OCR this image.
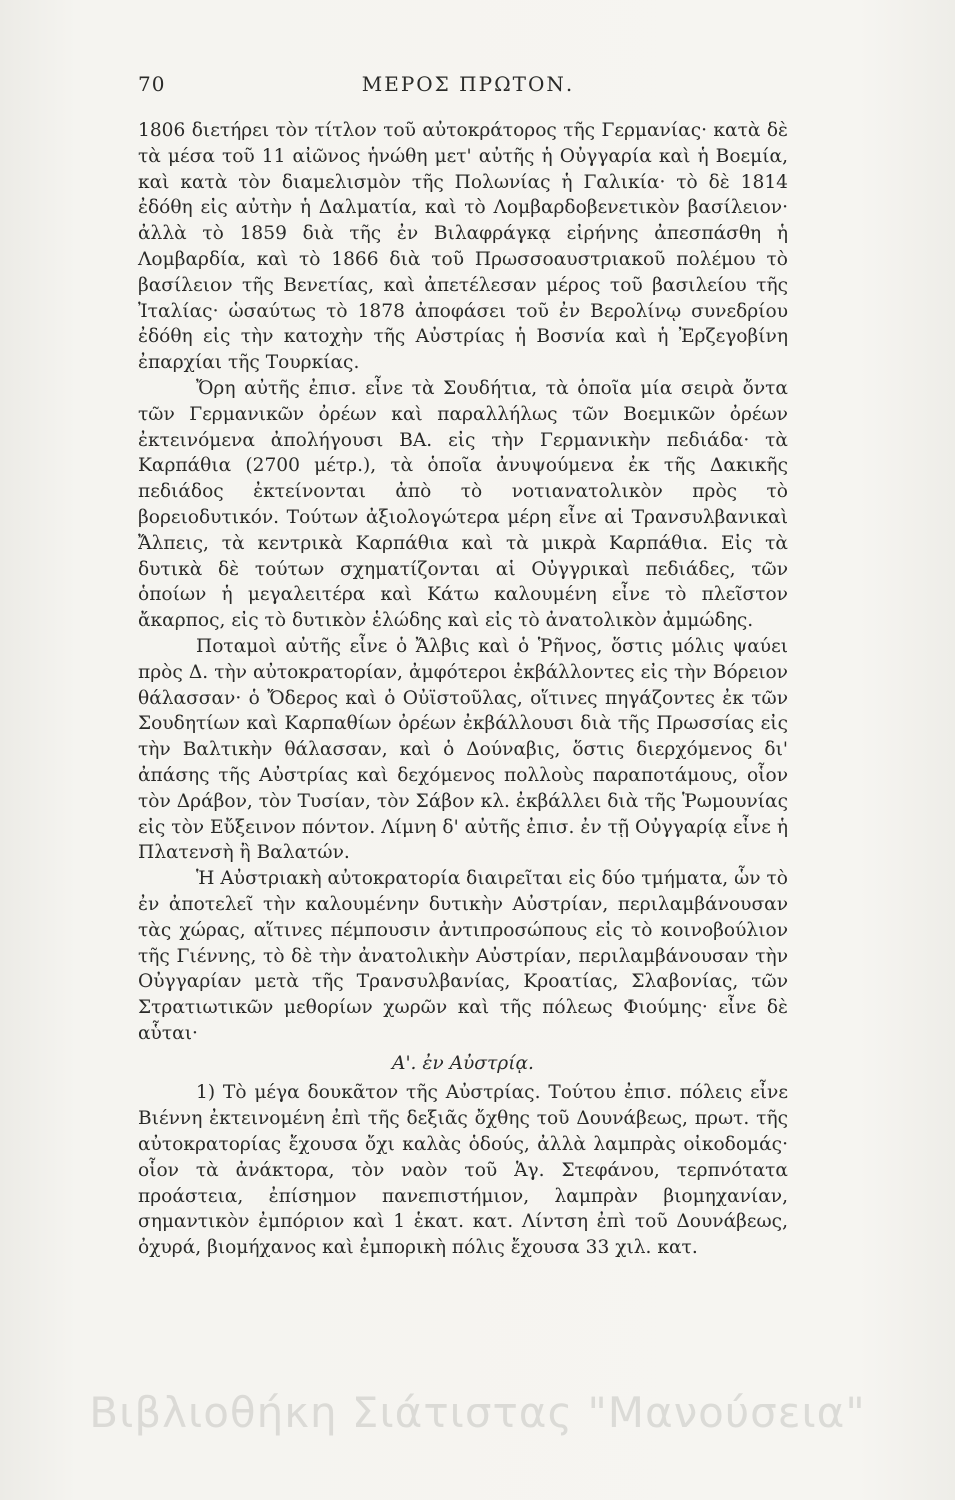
70	ΜΕΡΟΣ ΠΡΩΤΟΝ.

1806 διετήρει τὸν τίτλον τοῦ αὐτοκράτορος τῆς Γερμανίας· κατὰ δὲ τὰ μέσα τοῦ 11 αἰῶνος ἡνώθη μετ' αὐτῆς ἡ Οὐγγαρία καὶ ἡ Βοεμία, καὶ κατὰ τὸν διαμελισμὸν τῆς Πολωνίας ἡ Γαλικία· τὸ δὲ 1814 ἐδόθη εἰς αὐτὴν ἡ Δαλματία, καὶ τὸ Λομβαρδοβενετικὸν βασίλειον· ἀλλὰ τὸ 1859 διὰ τῆς ἐν Βιλαφράγκᾳ εἰρήνης ἀπεσπάσθη ἡ Λομβαρδία, καὶ τὸ 1866 διὰ τοῦ Πρωσσοαυστριακοῦ πολέμου τὸ βασίλειον τῆς Βενετίας, καὶ ἀπετέλεσαν μέρος τοῦ βασιλείου τῆς Ἰταλίας· ὡσαύτως τὸ 1878 ἀποφάσει τοῦ ἐν Βερολίνῳ συνεδρίου ἐδόθη εἰς τὴν κατοχὴν τῆς Αὐστρίας ἡ Βοσνία καὶ ἡ Ἐρζεγοβίνη ἐπαρχίαι τῆς Τουρκίας.

Ὄρη αὐτῆς ἐπισ. εἶνε τὰ Σουδήτια, τὰ ὁποῖα μία σειρὰ ὄντα τῶν Γερμανικῶν ὀρέων καὶ παραλλήλως τῶν Βοεμικῶν ὀρέων ἐκτεινόμενα ἀπολήγουσι ΒΑ. εἰς τὴν Γερμανικὴν πεδιάδα· τὰ Καρπάθια (2700 μέτρ.), τὰ ὁποῖα ἀνυψούμενα ἐκ τῆς Δακικῆς πεδιάδος ἐκτείνονται ἀπὸ τὸ νοτιανατολικὸν πρὸς τὸ βορειοδυτικόν. Τούτων ἀξιολογώτερα μέρη εἶνε αἱ Τρανσυλβανικαὶ Ἄλπεις, τὰ κεντρικὰ Καρπάθια καὶ τὰ μικρὰ Καρπάθια. Εἰς τὰ δυτικὰ δὲ τούτων σχηματίζονται αἱ Οὐγγρικαὶ πεδιάδες, τῶν ὁποίων ἡ μεγαλειτέρα καὶ Κάτω καλουμένη εἶνε τὸ πλεῖστον ἄκαρπος, εἰς τὸ δυτικὸν ἑλώδης καὶ εἰς τὸ ἀνατολικὸν ἀμμώδης.

Ποταμοὶ αὐτῆς εἶνε ὁ Ἄλβις καὶ ὁ Ῥῆνος, ὅστις μόλις ψαύει πρὸς Δ. τὴν αὐτοκρατορίαν, ἀμφότεροι ἐκβάλλοντες εἰς τὴν Βόρειον θάλασσαν· ὁ Ὄδερος καὶ ὁ Οὐϊστοῦλας, οἵτινες πηγάζοντες ἐκ τῶν Σουδητίων καὶ Καρπαθίων ὀρέων ἐκβάλλουσι διὰ τῆς Πρωσσίας εἰς τὴν Βαλτικὴν θάλασσαν, καὶ ὁ Δούναβις, ὅστις διερχόμενος δι' ἀπάσης τῆς Αὐστρίας καὶ δεχόμενος πολλοὺς παραποτάμους, οἷον τὸν Δράβον, τὸν Τυσίαν, τὸν Σάβον κλ. ἐκβάλλει διὰ τῆς Ῥωμουνίας εἰς τὸν Εὔξεινον πόντον. Λίμνη δ' αὐτῆς ἐπισ. ἐν τῇ Οὐγγαρίᾳ εἶνε ἡ Πλατενσὴ ἢ Βαλατών.

Ἡ Αὐστριακὴ αὐτοκρατορία διαιρεῖται εἰς δύο τμήματα, ὧν τὸ ἐν ἀποτελεῖ τὴν καλουμένην δυτικὴν Αὐστρίαν, περιλαμβάνουσαν τὰς χώρας, αἵτινες πέμπουσιν ἀντιπροσώπους εἰς τὸ κοινοβούλιον τῆς Γιέννης, τὸ δὲ τὴν ἀνατολικὴν Αὐστρίαν, περιλαμβάνουσαν τὴν Οὐγγαρίαν μετὰ τῆς Τρανσυλβανίας, Κροατίας, Σλαβονίας, τῶν Στρατιωτικῶν μεθορίων χωρῶν καὶ τῆς πόλεως Φιούμης· εἶνε δὲ αὗται·

Α'. ἐν Αὐστρίᾳ.

1) Τὸ μέγα δουκᾶτον τῆς Αὐστρίας. Τούτου ἐπισ. πόλεις εἶνε Βιέννη ἐκτεινομένη ἐπὶ τῆς δεξιᾶς ὄχθης τοῦ Δουνάβεως, πρωτ. τῆς αὐτοκρατορίας ἔχουσα ὄχι καλὰς ὁδούς, ἀλλὰ λαμπρὰς οἰκοδομάς· οἷον τὰ ἀνάκτορα, τὸν ναὸν τοῦ Ἁγ. Στεφάνου, τερπνότατα προάστεια, ἐπίσημον πανεπιστήμιον, λαμπρὰν βιομηχανίαν, σημαντικὸν ἐμπόριον καὶ 1 ἑκατ. κατ. Λίντση ἐπὶ τοῦ Δουνάβεως, ὀχυρά, βιομήχανος καὶ ἐμπορικὴ πόλις ἔχουσα 33 χιλ. κατ.

Βιβλιοθήκη Σιάτιστας "Μανούσεια"
